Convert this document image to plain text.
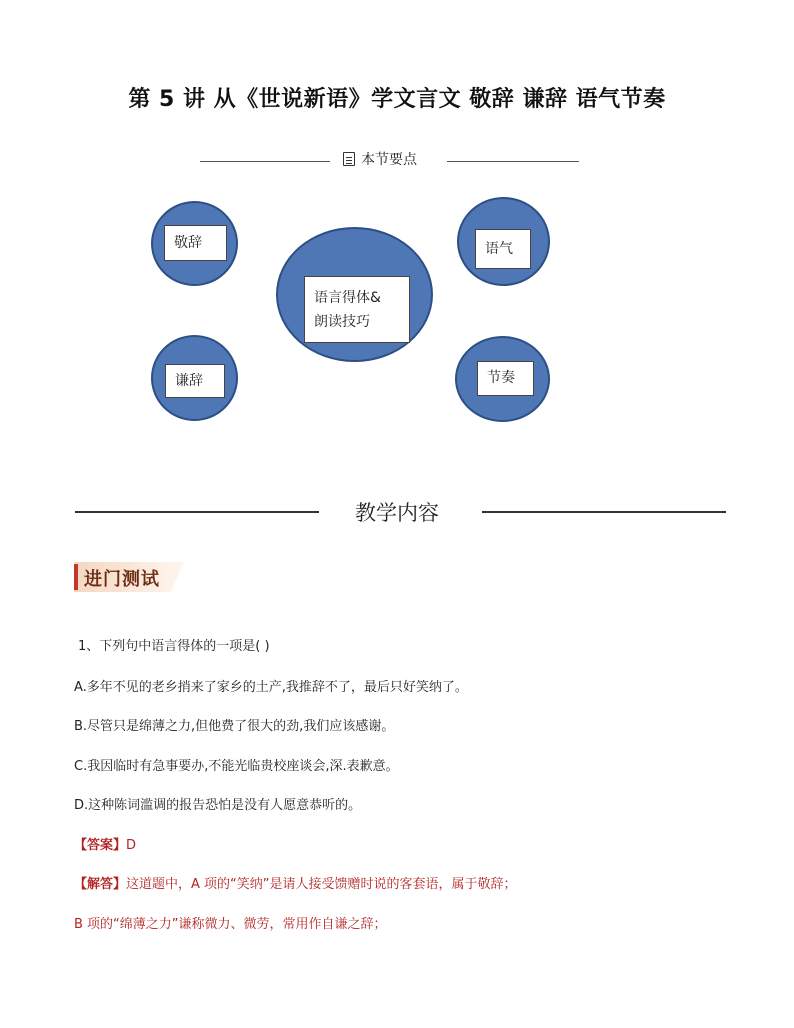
第 5 讲 从《世说新语》学文言文 敬辞 谦辞 语气节奏
本节要点
敬辞
谦辞
语言得体&
朗读技巧
语气
节奏
教学内容
进门测试
1、下列句中语言得体的一项是( )
A.多年不见的老乡捎来了家乡的土产,我推辞不了，最后只好笑纳了。
B.尽管只是绵薄之力,但他费了很大的劲,我们应该感谢。
C.我因临时有急事要办,不能光临贵校座谈会,深.表歉意。
D.这种陈词滥调的报告恐怕是没有人愿意恭听的。
【答案】D
【解答】这道题中，A 项的“笑纳”是请人接受馈赠时说的客套语，属于敬辞；
B 项的“绵薄之力”谦称微力、微劳，常用作自谦之辞；
